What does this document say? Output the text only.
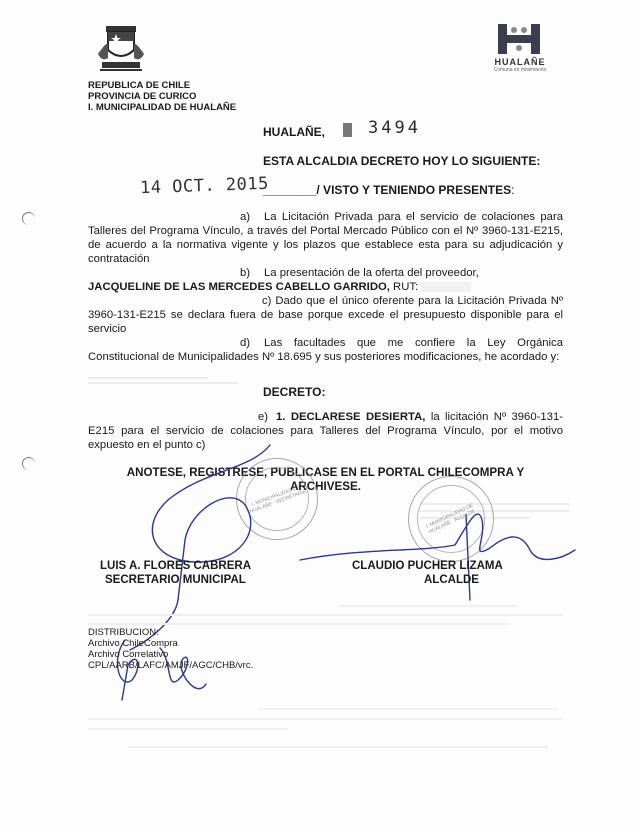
REPUBLICA DE CHILE
PROVINCIA DE CURICO
I. MUNICIPALIDAD DE HUALAÑE
HUALAÑE
Comuna en movimiento
HUALAÑE,	3494
ESTA ALCALDIA DECRETO HOY LO SIGUIENTE:
14 OCT. 2015
________/ VISTO Y TENIENDO PRESENTES:
a) La Licitación Privada para el servicio de colaciones para Talleres del Programa Vínculo, a través del Portal Mercado Público con el Nº 3960-131-E215, de acuerdo a la normativa vigente y los plazos que establece esta para su adjudicación y contratación
b) La presentación de la oferta del proveedor,
JACQUELINE DE LAS MERCEDES CABELLO GARRIDO, RUT:
c) Dado que el único oferente para la Licitación Privada Nº 3960-131-E215 se declara fuera de base porque excede el presupuesto disponible para el servicio
d) Las facultades que me confiere la Ley Orgánica Constitucional de Municipalidades Nº 18.695 y sus posteriores modificaciones, he acordado y:
DECRETO:
e) 1. DECLARESE DESIERTA, la licitación Nº 3960-131-E215 para el servicio de colaciones para Talleres del Programa Vínculo, por el motivo expuesto en el punto c)
ANOTESE, REGISTRESE, PUBLICASE EN EL PORTAL CHILECOMPRA Y
ARCHIVESE.
I. MUNICIPALIDAD DE HUALAÑE · SECRETARIA
I. MUNICIPALIDAD DE HUALAÑE · ALCALDE
LUIS A. FLORES CABRERA
SECRETARIO MUNICIPAL
CLAUDIO PUCHER LIZAMA
ALCALDE
DISTRIBUCION:
Archivo ChileCompra
Archivo Correlativo
CPL/AARB/LAFC/AMJF/AGC/CHB/vrc.
